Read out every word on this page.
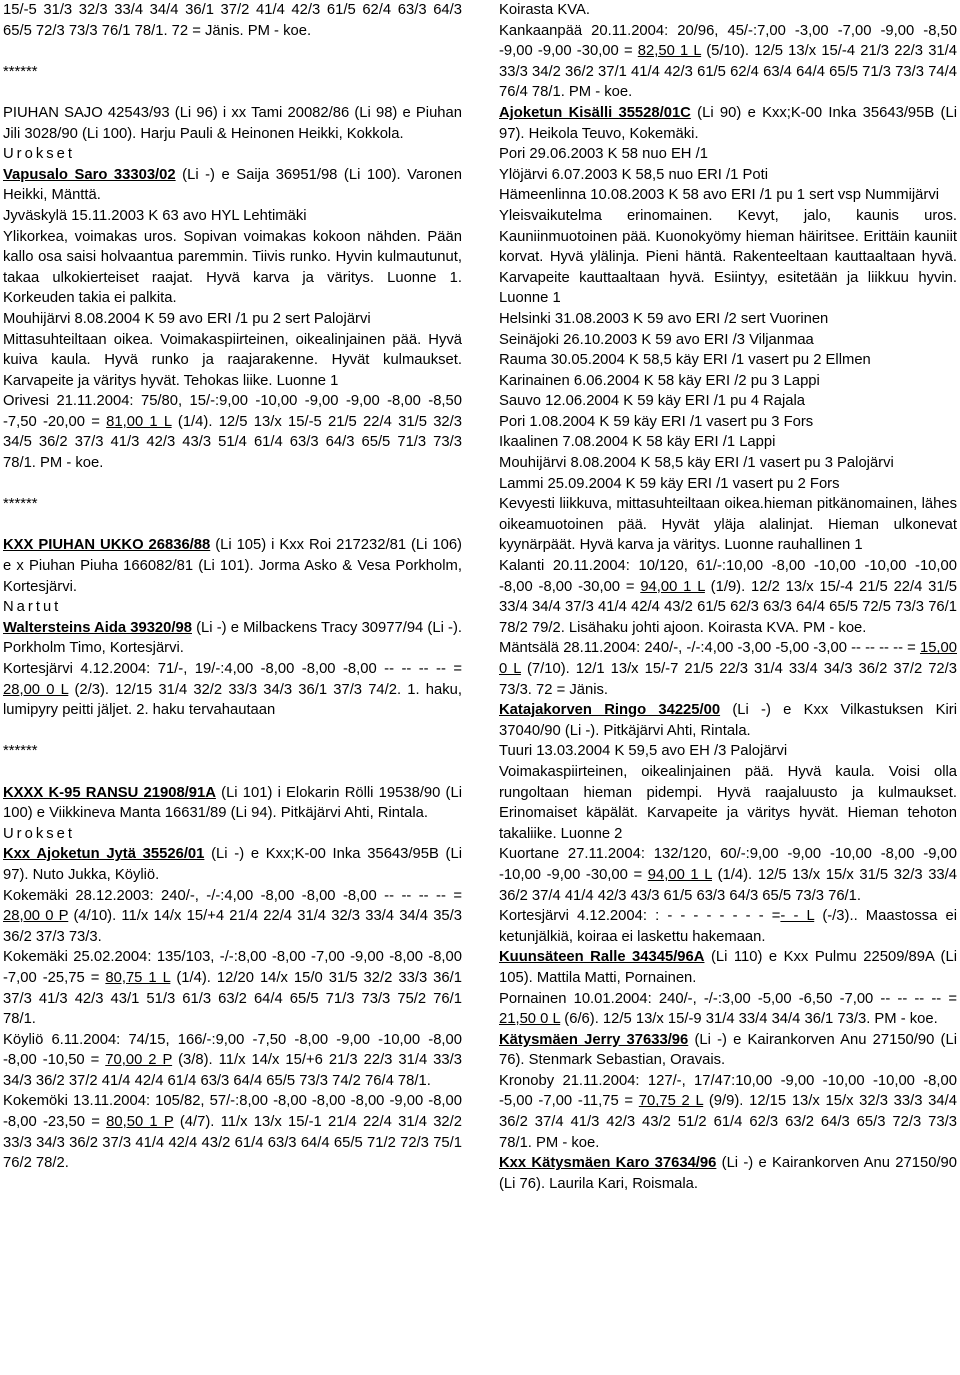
15/-5 31/3 32/3 33/4 34/4 36/1 37/2 41/4 42/3 61/5 62/4 63/3 64/3 65/5 72/3 73/3 76/1 78/1. 72 = Jänis. PM - koe.

******

PIUHAN SAJO 42543/93 (Li 96) i xx Tami 20082/86 (Li 98) e Piuhan Jili 3028/90 (Li 100). Harju Pauli & Heinonen Heikki, Kokkola.

Urokset

Vapusalo Saro 33303/02 (Li -) e Saija 36951/98 (Li 100). Varonen Heikki, Mänttä.

Jyväskylä 15.11.2003 K 63 avo HYL Lehtimäki

Ylikorkea, voimakas uros. Sopivan voimakas kokoon nähden. Pään kallo osa saisi holvaantua paremmin. Tiivis runko. Hyvin kulmautunut, takaa ulkokierteiset raajat. Hyvä karva ja väritys. Luonne 1. Korkeuden takia ei palkita.

Mouhijärvi 8.08.2004 K 59 avo ERI /1 pu 2 sert Palojärvi

Mittasuhteiltaan oikea. Voimakaspiirteinen, oikealinjainen pää. Hyvä kuiva kaula. Hyvä runko ja raajarakenne. Hyvät kulmaukset. Karvapeite ja väritys hyvät. Tehokas liike. Luonne 1

Orivesi 21.11.2004: 75/80, 15/-:9,00 -10,00 -9,00 -9,00 -8,00 -8,50 -7,50 -20,00 = 81,00 1 L (1/4). 12/5 13/x 15/-5 21/5 22/4 31/5 32/3 34/5 36/2 37/3 41/3 42/3 43/3 51/4 61/4 63/3 64/3 65/5 71/3 73/3 78/1. PM - koe.

******

KXX PIUHAN UKKO 26836/88 (Li 105) i Kxx Roi 217232/81 (Li 106) e x Piuhan Piuha 166082/81 (Li 101). Jorma Asko & Vesa Porkholm, Kortesjärvi.

Nartut

Waltersteins Aida 39320/98 (Li -) e Milbackens Tracy 30977/94 (Li -). Porkholm Timo, Kortesjärvi.

Kortesjärvi 4.12.2004: 71/-, 19/-:4,00 -8,00 -8,00 -8,00 -- -- -- -- = 28,00 0 L (2/3). 12/15 31/4 32/2 33/3 34/3 36/1 37/3 74/2. 1. haku, lumipyry peitti jäljet. 2. haku tervahautaan

******

KXXX K-95 RANSU 21908/91A (Li 101) i Elokarin Rölli 19538/90 (Li 100) e Viikkineva Manta 16631/89 (Li 94). Pitkäjärvi Ahti, Rintala.

Urokset

Kxx Ajoketun Jytä 35526/01 (Li -) e Kxx;K-00 Inka 35643/95B (Li 97). Nuto Jukka, Köyliö.

Kokemäki 28.12.2003: 240/-, -/-:4,00 -8,00 -8,00 -8,00 -- -- -- -- = 28,00 0 P (4/10). 11/x 14/x 15/+4 21/4 22/4 31/4 32/3 33/4 34/4 35/3 36/2 37/3 73/3.

Kokemäki 25.02.2004: 135/103, -/-:8,00 -8,00 -7,00 -9,00 -8,00 -8,00 -7,00 -25,75 = 80,75 1 L (1/4). 12/20 14/x 15/0 31/5 32/2 33/3 36/1 37/3 41/3 42/3 43/1 51/3 61/3 63/2 64/4 65/5 71/3 73/3 75/2 76/1 78/1.

Köyliö 6.11.2004: 74/15, 166/-:9,00 -7,50 -8,00 -9,00 -10,00 -8,00 -8,00 -10,50 = 70,00 2 P (3/8). 11/x 14/x 15/+6 21/3 22/3 31/4 33/3 34/3 36/2 37/2 41/4 42/4 61/4 63/3 64/4 65/5 73/3 74/2 76/4 78/1.

Kokemöki 13.11.2004: 105/82, 57/-:8,00 -8,00 -8,00 -8,00 -9,00 -8,00 -8,00 -23,50 = 80,50 1 P (4/7). 11/x 13/x 15/-1 21/4 22/4 31/4 32/2 33/3 34/3 36/2 37/3 41/4 42/4 43/2 61/4 63/3 64/4 65/5 71/2 72/3 75/1 76/2 78/2.

Koirasta KVA.

Kankaanpää 20.11.2004: 20/96, 45/-:7,00 -3,00 -7,00 -9,00 -8,50 -9,00 -9,00 -30,00 = 82,50 1 L (5/10). 12/5 13/x 15/-4 21/3 22/3 31/4 33/3 34/2 36/2 37/1 41/4 42/3 61/5 62/4 63/4 64/4 65/5 71/3 73/3 74/4 76/4 78/1. PM - koe.

Ajoketun Kisälli 35528/01C (Li 90) e Kxx;K-00 Inka 35643/95B (Li 97). Heikola Teuvo, Kokemäki.

Pori 29.06.2003 K 58 nuo EH /1

Ylöjärvi 6.07.2003 K 58,5 nuo ERI /1 Poti

Hämeenlinna 10.08.2003 K 58 avo ERI /1 pu 1 sert vsp Nummijärvi

Yleisvaikutelma erinomainen. Kevyt, jalo, kaunis uros. Kauniinmuotoinen pää. Kuonokyömy hieman häiritsee. Erittäin kauniit korvat. Hyvä ylälinja. Pieni häntä. Rakenteeltaan kauttaaltaan hyvä. Karvapeite kauttaaltaan hyvä. Esiintyy, esitetään ja liikkuu hyvin. Luonne 1

Helsinki 31.08.2003 K 59 avo ERI /2 sert Vuorinen

Seinäjoki 26.10.2003 K 59 avo ERI /3 Viljanmaa

Rauma 30.05.2004 K 58,5 käy ERI /1 vasert pu 2 Ellmen

Karinainen 6.06.2004 K 58 käy ERI /2 pu 3 Lappi

Sauvo 12.06.2004 K 59 käy ERI /1 pu 4 Rajala

Pori 1.08.2004 K 59 käy ERI /1 vasert pu 3 Fors

Ikaalinen 7.08.2004 K 58 käy ERI /1 Lappi

Mouhijärvi 8.08.2004 K 58,5 käy ERI /1 vasert pu 3 Palojärvi

Lammi 25.09.2004 K 59 käy ERI /1 vasert pu 2 Fors

Kevyesti liikkuva, mittasuhteiltaan oikea.hieman pitkänomainen, lähes oikeamuotoinen pää. Hyvät yläja alalinjat. Hieman ulkonevat kyynärpäät. Hyvä karva ja väritys. Luonne rauhallinen 1

Kalanti 20.11.2004: 10/120, 61/-:10,00 -8,00 -10,00 -10,00 -10,00 -8,00 -8,00 -30,00 = 94,00 1 L (1/9). 12/2 13/x 15/-4 21/5 22/4 31/5 33/4 34/4 37/3 41/4 42/4 43/2 61/5 62/3 63/3 64/4 65/5 72/5 73/3 76/1 78/2 79/2. Lisähaku johti ajoon. Koirasta KVA. PM - koe.

Mäntsälä 28.11.2004: 240/-, -/-:4,00 -3,00 -5,00 -3,00 -- -- -- -- = 15,00 0 L (7/10). 12/1 13/x 15/-7 21/5 22/3 31/4 33/4 34/3 36/2 37/2 72/3 73/3. 72 = Jänis.

Katajakorven Ringo 34225/00 (Li -) e Kxx Vilkastuksen Kiri 37040/90 (Li -). Pitkäjärvi Ahti, Rintala.

Tuuri 13.03.2004 K 59,5 avo EH /3 Palojärvi

Voimakaspiirteinen, oikealinjainen pää. Hyvä kaula. Voisi olla rungoltaan hieman pidempi. Hyvä raajaluusto ja kulmaukset. Erinomaiset käpälät. Karvapeite ja väritys hyvät. Hieman tehoton takaliike. Luonne 2

Kuortane 27.11.2004: 132/120, 60/-:9,00 -9,00 -10,00 -8,00 -9,00 -10,00 -9,00 -30,00 = 94,00 1 L (1/4). 12/5 13/x 15/x 31/5 32/3 33/4 36/2 37/4 41/4 42/3 43/3 61/5 63/3 64/3 65/5 73/3 76/1.

Kortesjärvi 4.12.2004: : - - - - - - - - =- - L (-/3).. Maastossa ei ketunjälkiä, koiraa ei laskettu hakemaan.

Kuunsäteen Ralle 34345/96A (Li 110) e Kxx Pulmu 22509/89A (Li 105). Mattila Matti, Pornainen.

Pornainen 10.01.2004: 240/-, -/-:3,00 -5,00 -6,50 -7,00 -- -- -- -- = 21,50 0 L (6/6). 12/5 13/x 15/-9 31/4 33/4 34/4 36/1 73/3. PM - koe.

Kätysmäen Jerry 37633/96 (Li -) e Kairankorven Anu 27150/90 (Li 76). Stenmark Sebastian, Oravais.

Kronoby 21.11.2004: 127/-, 17/47:10,00 -9,00 -10,00 -10,00 -8,00 -5,00 -7,00 -11,75 = 70,75 2 L (9/9). 12/15 13/x 15/x 32/3 33/3 34/4 36/2 37/4 41/3 42/3 43/2 51/2 61/4 62/3 63/2 64/3 65/3 72/3 73/3 78/1. PM - koe.

Kxx Kätysmäen Karo 37634/96 (Li -) e Kairankorven Anu 27150/90 (Li 76). Laurila Kari, Roismala.
